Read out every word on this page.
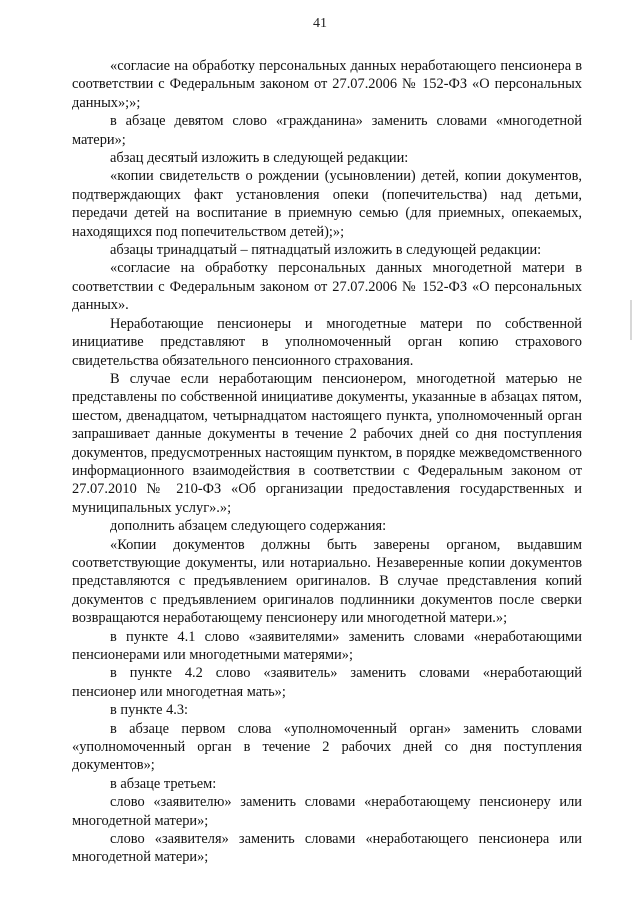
41

«согласие на обработку персональных данных неработающего пенсионера в соответствии с Федеральным законом от 27.07.2006 № 152-ФЗ «О персональных данных»;»;

в абзаце девятом слово «гражданина» заменить словами «многодетной матери»;

абзац десятый изложить в следующей редакции:

«копии свидетельств о рождении (усыновлении) детей, копии документов, подтверждающих факт установления опеки (попечительства) над детьми, передачи детей на воспитание в приемную семью (для приемных, опекаемых, находящихся под попечительством детей);»;

абзацы тринадцатый – пятнадцатый изложить в следующей редакции:

«согласие на обработку персональных данных многодетной матери в соответствии с Федеральным законом от 27.07.2006 № 152-ФЗ «О персональных данных».

Неработающие пенсионеры и многодетные матери по собственной инициативе представляют в уполномоченный орган копию страхового свидетельства обязательного пенсионного страхования.

В случае если неработающим пенсионером, многодетной матерью не представлены по собственной инициативе документы, указанные в абзацах пятом, шестом, двенадцатом, четырнадцатом настоящего пункта, уполномоченный орган запрашивает данные документы в течение 2 рабочих дней со дня поступления документов, предусмотренных настоящим пунктом, в порядке межведомственного информационного взаимодействия в соответствии с Федеральным законом от 27.07.2010 № 210-ФЗ «Об организации предоставления государственных и муниципальных услуг».»;

дополнить абзацем следующего содержания:

«Копии документов должны быть заверены органом, выдавшим соответствующие документы, или нотариально. Незаверенные копии документов представляются с предъявлением оригиналов. В случае представления копий документов с предъявлением оригиналов подлинники документов после сверки возвращаются неработающему пенсионеру или многодетной матери.»;

в пункте 4.1 слово «заявителями» заменить словами «неработающими пенсионерами или многодетными матерями»;

в пункте 4.2 слово «заявитель» заменить словами «неработающий пенсионер или многодетная мать»;

в пункте 4.3:

в абзаце первом слова «уполномоченный орган» заменить словами «уполномоченный орган в течение 2 рабочих дней со дня поступления документов»;

в абзаце третьем:

слово «заявителю» заменить словами «неработающему пенсионеру или многодетной матери»;

слово «заявителя» заменить словами «неработающего пенсионера или многодетной матери»;
